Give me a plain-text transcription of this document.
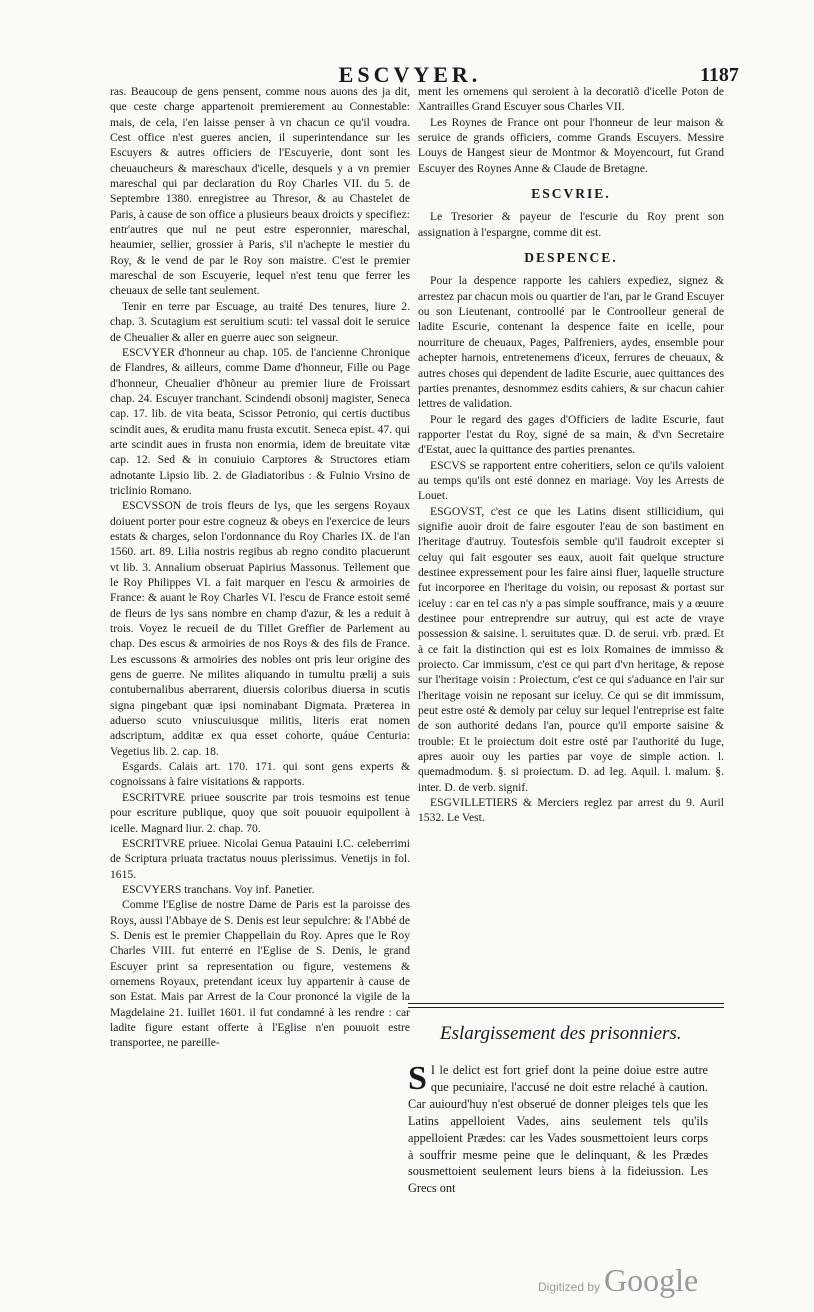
ESCVYER.	1187

ras. Beaucoup de gens pensent, comme nous auons des ja dit, que ceste charge appartenoit premierement au Connestable: mais, de cela, i'en laisse penser à vn chacun ce qu'il voudra. Cest office n'est gueres ancien, il superintendance sur les Escuyers & autres officiers de l'Escuyerie, dont sont les cheuaucheurs & mareschaux d'icelle, desquels y a vn premier mareschal qui par declaration du Roy Charles VII. du 5. de Septembre 1380. enregistree au Thresor, & au Chastelet de Paris, à cause de son office a plusieurs beaux droicts y specifiez: entr'autres que nul ne peut estre esperonnier, mareschal, heaumier, sellier, grossier à Paris, s'il n'achepte le mestier du Roy, & le vend de par le Roy son maistre. C'est le premier mareschal de son Escuyerie, lequel n'est tenu que ferrer les cheuaux de selle tant seulement.

Tenir en terre par Escuage, au traité Des tenures, liure 2. chap. 3. Scutagium est seruitium scuti: tel vassal doit le seruice de Cheualier & aller en guerre auec son seigneur.

ESCVYER d'honneur au chap. 105. de l'ancienne Chronique de Flandres, & ailleurs, comme Dame d'honneur, Fille ou Page d'honneur, Cheualier d'hõneur au premier liure de Froissart chap. 24. Escuyer tranchant. Scindendi obsonij magister, Seneca cap. 17. lib. de vita beata, Scissor Petronio, qui certis ductibus scindit aues, & erudita manu frusta excutit. Seneca epist. 47. qui arte scindit aues in frusta non enormia, idem de breuitate vitæ cap. 12. Sed & in conuiuio Carptores & Structores etiam adnotante Lipsio lib. 2. de Gladiatoribus : & Fulnio Vrsino de triclinio Romano.

ESCVSSON de trois fleurs de lys, que les sergens Royaux doiuent porter pour estre cogneuz & obeys en l'exercice de leurs estats & charges, selon l'ordonnance du Roy Charles IX. de l'an 1560. art. 89. Lilia nostris regibus ab regno condito placuerunt vt lib. 3. Annalium obseruat Papirius Massonus. Tellement que le Roy Philippes VI. a fait marquer en l'escu & armoiries de France: & auant le Roy Charles VI. l'escu de France estoit semé de fleurs de lys sans nombre en champ d'azur, & les a reduit à trois. Voyez le recueil de du Tillet Greffier de Parlement au chap. Des escus & armoiries de nos Roys & des fils de France. Les escussons & armoiries des nobles ont pris leur origine des gens de guerre. Ne milites aliquando in tumultu prælij a suis contubernalibus aberrarent, diuersis coloribus diuersa in scutis signa pingebant quæ ipsi nominabant Digmata. Præterea in aduerso scuto vniuscuiusque militis, literis erat nomen adscriptum, additæ ex qua esset cohorte, quáue Centuria: Vegetius lib. 2. cap. 18.

Esgards. Calais art. 170. 171. qui sont gens experts & cognoissans à faire visitations & rapports.

ESCRITVRE priuee souscrite par trois tesmoins est tenue pour escriture publique, quoy que soit pouuoir equipollent à icelle. Magnard liur. 2. chap. 70.

ESCRITVRE priuee. Nicolai Genua Patauini I.C. celeberrimi de Scriptura priuata tractatus nouus plerissimus. Venetijs in fol. 1615.

ESCVYERS tranchans. Voy inf. Panetier.

Comme l'Eglise de nostre Dame de Paris est la paroisse des Roys, aussi l'Abbaye de S. Denis est leur sepulchre: & l'Abbé de S. Denis est le premier Chappellain du Roy. Apres que le Roy Charles VIII. fut enterré en l'Eglise de S. Denis, le grand Escuyer print sa representation ou figure, vestemens & ornemens Royaux, pretendant iceux luy appartenir à cause de son Estat. Mais par Arrest de la Cour prononcé la vigile de la Magdelaine 21. Iuillet 1601. il fut condamné à les rendre : car ladite figure estant offerte à l'Eglise n'en pouuoit estre transportee, ne pareille-

ment les ornemens qui seroient à la decoratiõ d'icelle Poton de Xantrailles Grand Escuyer sous Charles VII.

Les Roynes de France ont pour l'honneur de leur maison & seruice de grands officiers, comme Grands Escuyers. Messire Louys de Hangest sieur de Montmor & Moyencourt, fut Grand Escuyer des Roynes Anne & Claude de Bretagne.

ESCVRIE.

Le Tresorier & payeur de l'escurie du Roy prent son assignation à l'espargne, comme dit est.

DESPENCE.

Pour la despence rapporte les cahiers expediez, signez & arrestez par chacun mois ou quartier de l'an, par le Grand Escuyer ou son Lieutenant, controollé par le Controolleur general de ladite Escurie, contenant la despence faite en icelle, pour nourriture de cheuaux, Pages, Palfreniers, aydes, ensemble pour achepter harnois, entretenemens d'iceux, ferrures de cheuaux, & autres choses qui dependent de ladite Escurie, auec quittances des parties prenantes, desnommez esdits cahiers, & sur chacun cahier lettres de validation.

Pour le regard des gages d'Officiers de ladite Escurie, faut rapporter l'estat du Roy, signé de sa main, & d'vn Secretaire d'Estat, auec la quittance des parties prenantes.

ESCVS se rapportent entre coheritiers, selon ce qu'ils valoient au temps qu'ils ont esté donnez en mariage. Voy les Arrests de Louet.

ESGOVST, c'est ce que les Latins disent stillicidium, qui signifie auoir droit de faire esgouter l'eau de son bastiment en l'heritage d'autruy. Toutesfois semble qu'il faudroit excepter si celuy qui fait esgouter ses eaux, auoit fait quelque structure destinee expressement pour les faire ainsi fluer, laquelle structure fut incorporee en l'heritage du voisin, ou reposast & portast sur iceluy : car en tel cas n'y a pas simple souffrance, mais y a œuure destinee pour entreprendre sur autruy, qui est acte de vraye possession & saisine. l. seruitutes quæ. D. de serui. vrb. præd. Et à ce fait la distinction qui est es loix Romaines de immisso & proiecto. Car immissum, c'est ce qui part d'vn heritage, & repose sur l'heritage voisin : Proiectum, c'est ce qui s'aduance en l'air sur l'heritage voisin ne reposant sur iceluy. Ce qui se dit immissum, peut estre osté & demoly par celuy sur lequel l'entreprise est faite de son authorité dedans l'an, pource qu'il emporte saisine & trouble: Et le proiectum doit estre osté par l'authorité du Iuge, apres auoir ouy les parties par voye de simple action. l. quemadmodum. §. si proiectum. D. ad leg. Aquil. l. malum. §. inter. D. de verb. signif.

ESGVILLETIERS & Merciers reglez par arrest du 9. Auril 1532. Le Vest.

Eslargissement des prisonniers.
S I le delict est fort grief dont la peine doiue estre autre que pecuniaire, l'accusé ne doit estre relaché à caution. Car auiourd'huy n'est obserué de donner pleiges tels que les Latins appelloient Vades, ains seulement tels qu'ils appelloient Prædes: car les Vades sousmettoient leurs corps à souffrir mesme peine que le delinquant, & les Prædes sousmettoient seulement leurs biens à la fideiussion. Les Grecs ont
Digitized by Google
